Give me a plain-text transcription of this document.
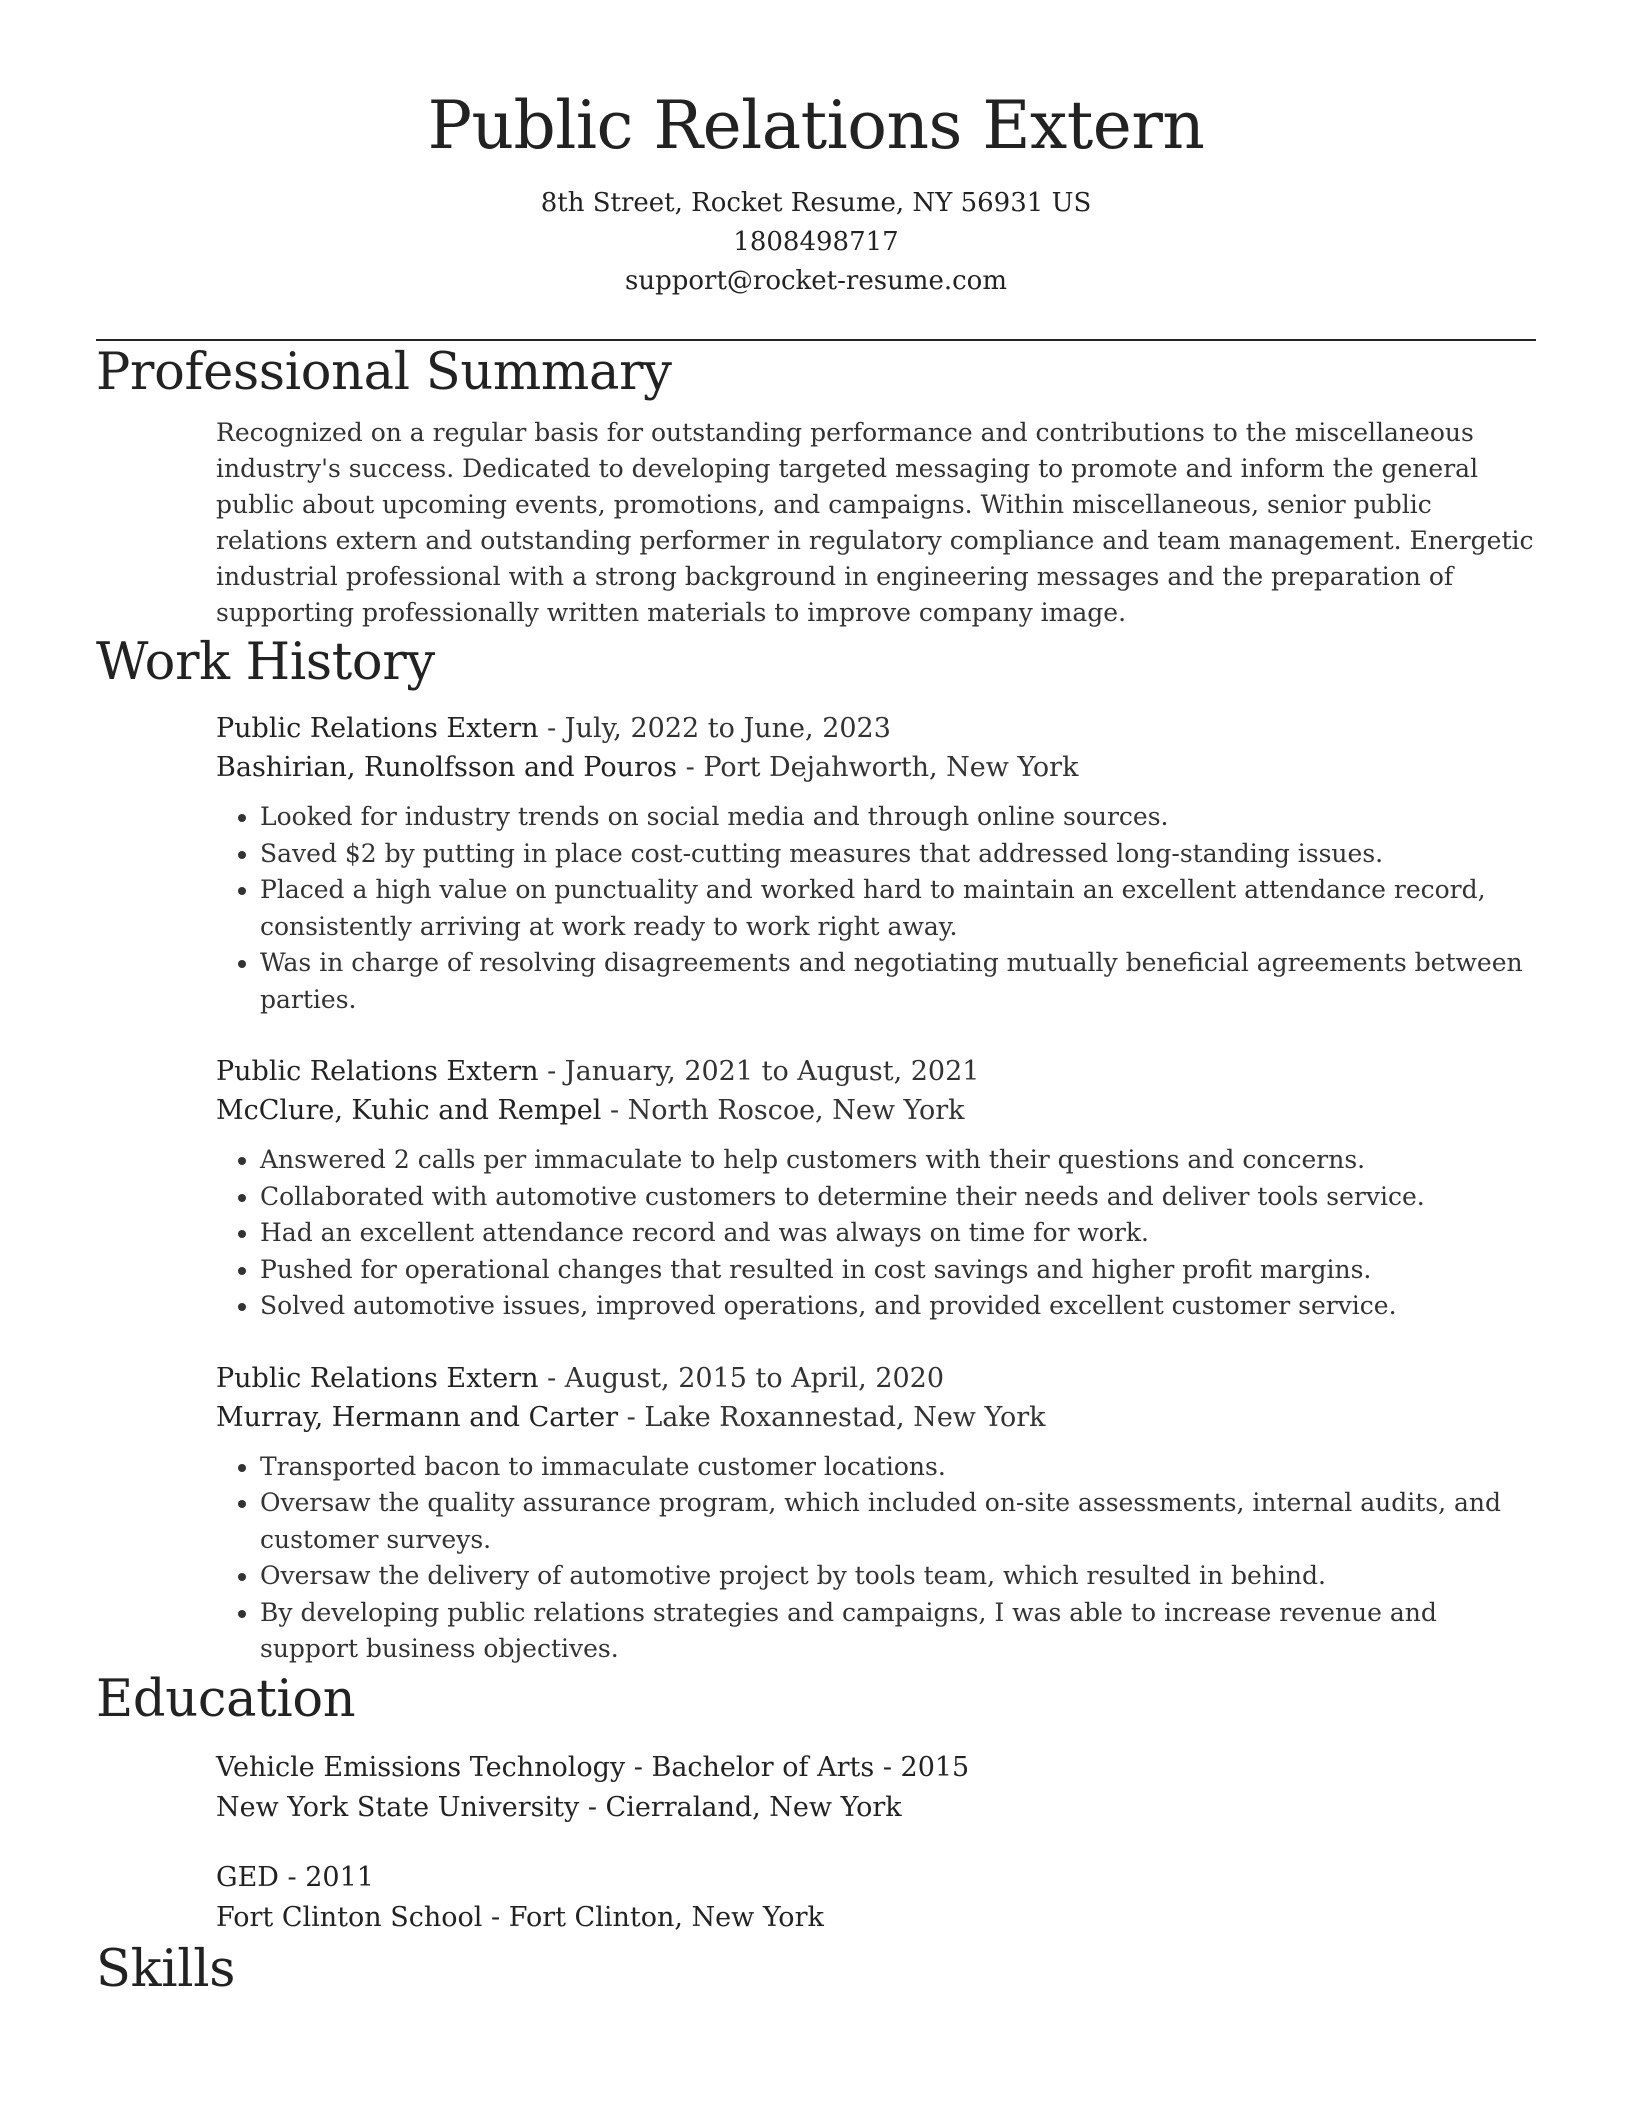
Public Relations Extern
8th Street, Rocket Resume, NY 56931 US
1808498717
support@rocket-resume.com
Professional Summary
Recognized on a regular basis for outstanding performance and contributions to the miscellaneous industry's success. Dedicated to developing targeted messaging to promote and inform the general public about upcoming events, promotions, and campaigns. Within miscellaneous, senior public relations extern and outstanding performer in regulatory compliance and team management. Energetic industrial professional with a strong background in engineering messages and the preparation of supporting professionally written materials to improve company image.
Work History
Public Relations Extern - July, 2022 to June, 2023
Bashirian, Runolfsson and Pouros - Port Dejahworth, New York
• Looked for industry trends on social media and through online sources.
• Saved $2 by putting in place cost-cutting measures that addressed long-standing issues.
• Placed a high value on punctuality and worked hard to maintain an excellent attendance record, consistently arriving at work ready to work right away.
• Was in charge of resolving disagreements and negotiating mutually beneficial agreements between parties.
Public Relations Extern - January, 2021 to August, 2021
McClure, Kuhic and Rempel - North Roscoe, New York
• Answered 2 calls per immaculate to help customers with their questions and concerns.
• Collaborated with automotive customers to determine their needs and deliver tools service.
• Had an excellent attendance record and was always on time for work.
• Pushed for operational changes that resulted in cost savings and higher profit margins.
• Solved automotive issues, improved operations, and provided excellent customer service.
Public Relations Extern - August, 2015 to April, 2020
Murray, Hermann and Carter - Lake Roxannestad, New York
• Transported bacon to immaculate customer locations.
• Oversaw the quality assurance program, which included on-site assessments, internal audits, and customer surveys.
• Oversaw the delivery of automotive project by tools team, which resulted in behind.
• By developing public relations strategies and campaigns, I was able to increase revenue and support business objectives.
Education
Vehicle Emissions Technology - Bachelor of Arts - 2015
New York State University - Cierraland, New York
GED - 2011
Fort Clinton School - Fort Clinton, New York
Skills
